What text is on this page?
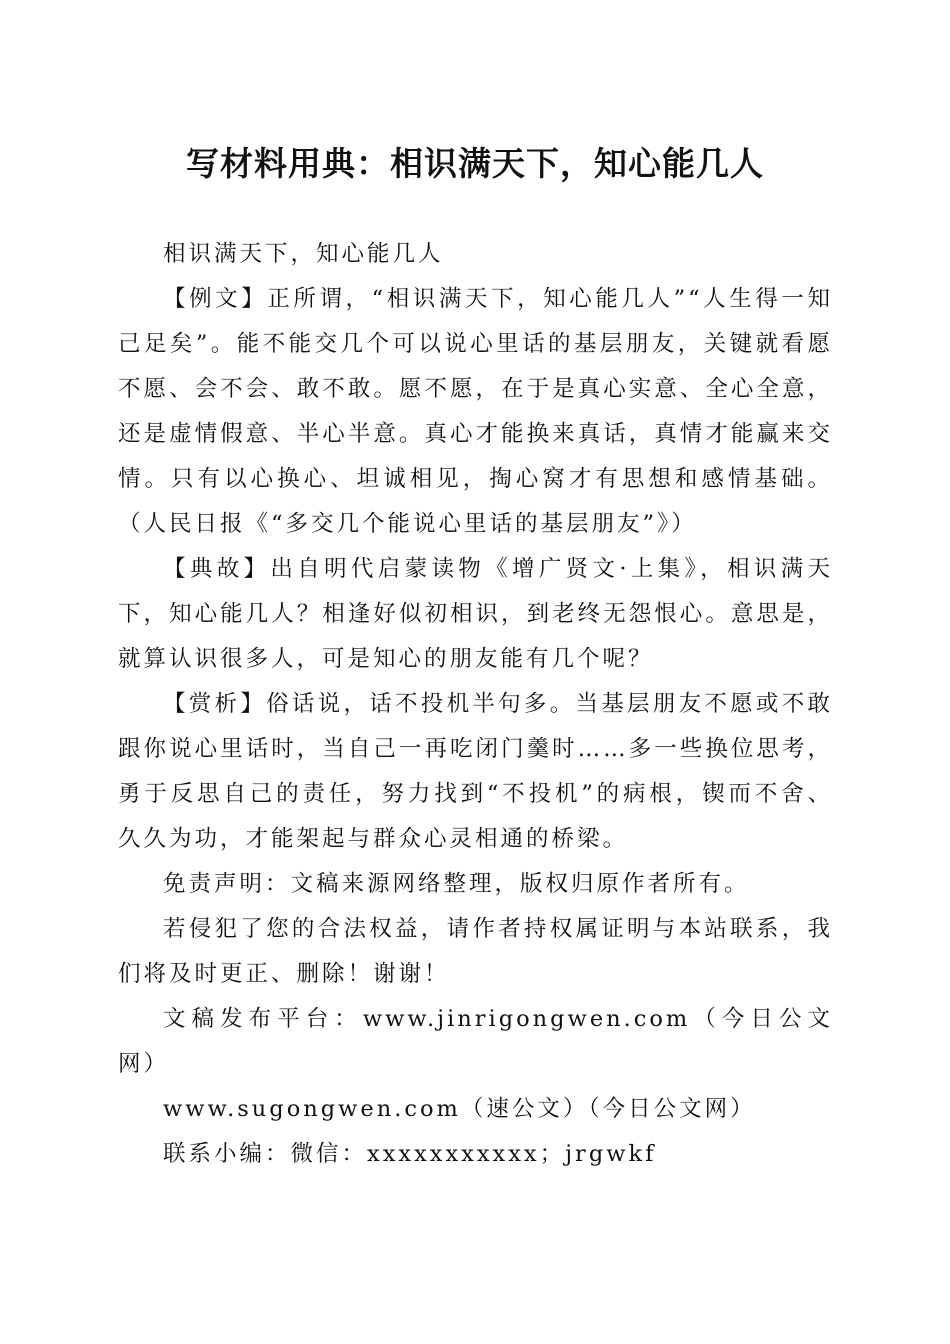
写材料用典：相识满天下，知心能几人

相识满天下，知心能几人

【例文】正所谓，“相识满天下，知心能几人”“人生得一知己足矣”。能不能交几个可以说心里话的基层朋友，关键就看愿不愿、会不会、敢不敢。愿不愿，在于是真心实意、全心全意，还是虚情假意、半心半意。真心才能换来真话，真情才能赢来交情。只有以心换心、坦诚相见，掏心窝才有思想和感情基础。（人民日报《“多交几个能说心里话的基层朋友”》）

【典故】出自明代启蒙读物《增广贤文·上集》，相识满天下，知心能几人？相逢好似初相识，到老终无怨恨心。意思是，就算认识很多人，可是知心的朋友能有几个呢？

【赏析】俗话说，话不投机半句多。当基层朋友不愿或不敢跟你说心里话时，当自己一再吃闭门羹时……多一些换位思考，勇于反思自己的责任，努力找到“不投机”的病根，锲而不舍、久久为功，才能架起与群众心灵相通的桥梁。

免责声明：文稿来源网络整理，版权归原作者所有。

若侵犯了您的合法权益，请作者持权属证明与本站联系，我们将及时更正、删除！谢谢！

文稿发布平台：www.jinrigongwen.com（今日公文网）

www.sugongwen.com（速公文）（今日公文网）

联系小编：微信：xxxxxxxxxxx；jrgwkf
